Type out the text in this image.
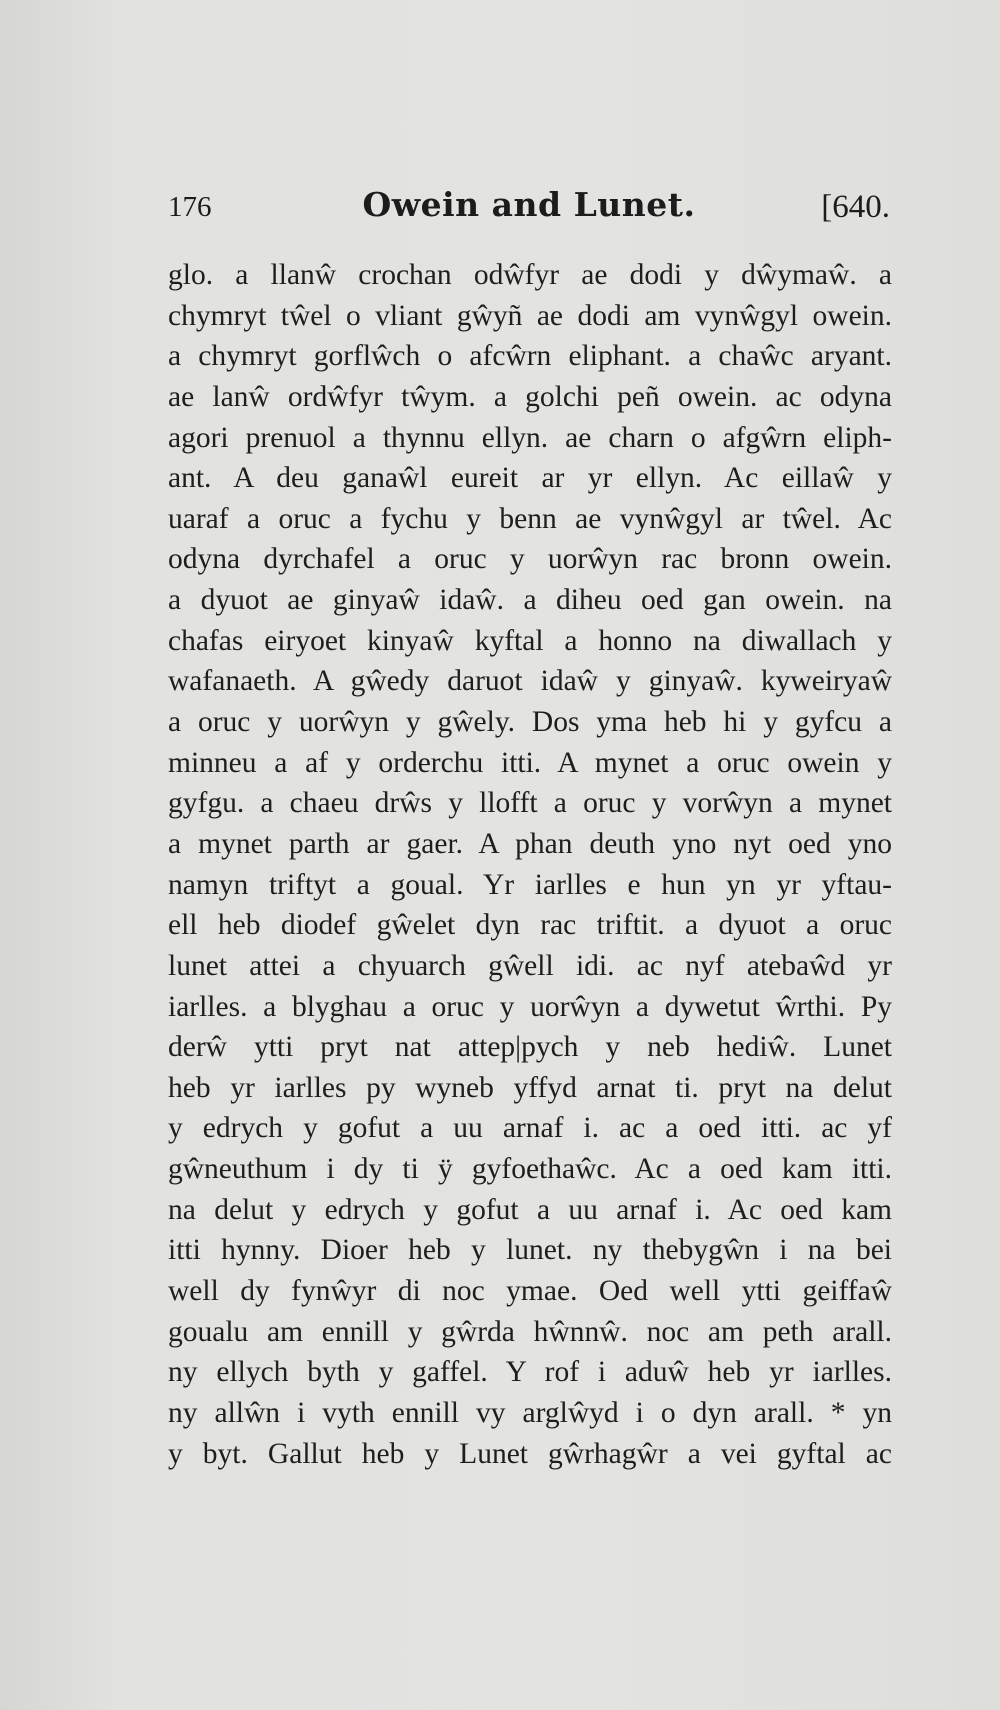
176	Owein and Lunet.	[640.
glo. a llanŵ crochan odŵfyr ae dodi y dŵymaŵ. a
chymryt tŵel o vliant gŵyñ ae dodi am vynŵgyl owein.
a chymryt gorflŵch o afcŵrn eliphant. a chaŵc aryant.
ae lanŵ ordŵfyr tŵym. a golchi peñ owein. ac odyna
agori prenuol a thynnu ellyn. ae charn o afgŵrn eliph-
ant. A deu ganaŵl eureit ar yr ellyn. Ac eillaŵ y
uaraf a oruc a fychu y benn ae vynŵgyl ar tŵel. Ac
odyna dyrchafel a oruc y uorŵyn rac bronn owein.
a dyuot ae ginyaŵ idaŵ. a diheu oed gan owein. na
chafas eiryoet kinyaŵ kyftal a honno na diwallach y
wafanaeth. A gŵedy daruot idaŵ y ginyaŵ. kyweiryaŵ
a oruc y uorŵyn y gŵely. Dos yma heb hi y gyfcu a
minneu a af y orderchu itti. A mynet a oruc owein y
gyfgu. a chaeu drŵs y llofft a oruc y vorŵyn a mynet
a mynet parth ar gaer. A phan deuth yno nyt oed yno
namyn triftyt a goual. Yr iarlles e hun yn yr yftau-
ell heb diodef gŵelet dyn rac triftit. a dyuot a oruc
lunet attei a chyuarch gŵell idi. ac nyf atebaŵd yr
iarlles. a blyghau a oruc y uorŵyn a dywetut ŵrthi. Py
derŵ ytti pryt nat attep|pych y neb hediŵ. Lunet
heb yr iarlles py wyneb yffyd arnat ti. pryt na delut
y edrych y gofut a uu arnaf i. ac a oed itti. ac yf
gŵneuthum i dy ti ÿ gyfoethaŵc. Ac a oed kam itti.
na delut y edrych y gofut a uu arnaf i. Ac oed kam
itti hynny. Dioer heb y lunet. ny thebygŵn i na bei
well dy fynŵyr di noc ymae. Oed well ytti geiffaŵ
goualu am ennill y gŵrda hŵnnŵ. noc am peth arall.
ny ellych byth y gaffel. Y rof i aduŵ heb yr iarlles.
ny allŵn i vyth ennill vy arglŵyd i o dyn arall. * yn
y byt. Gallut heb y Lunet gŵrhagŵr a vei gyftal ac
